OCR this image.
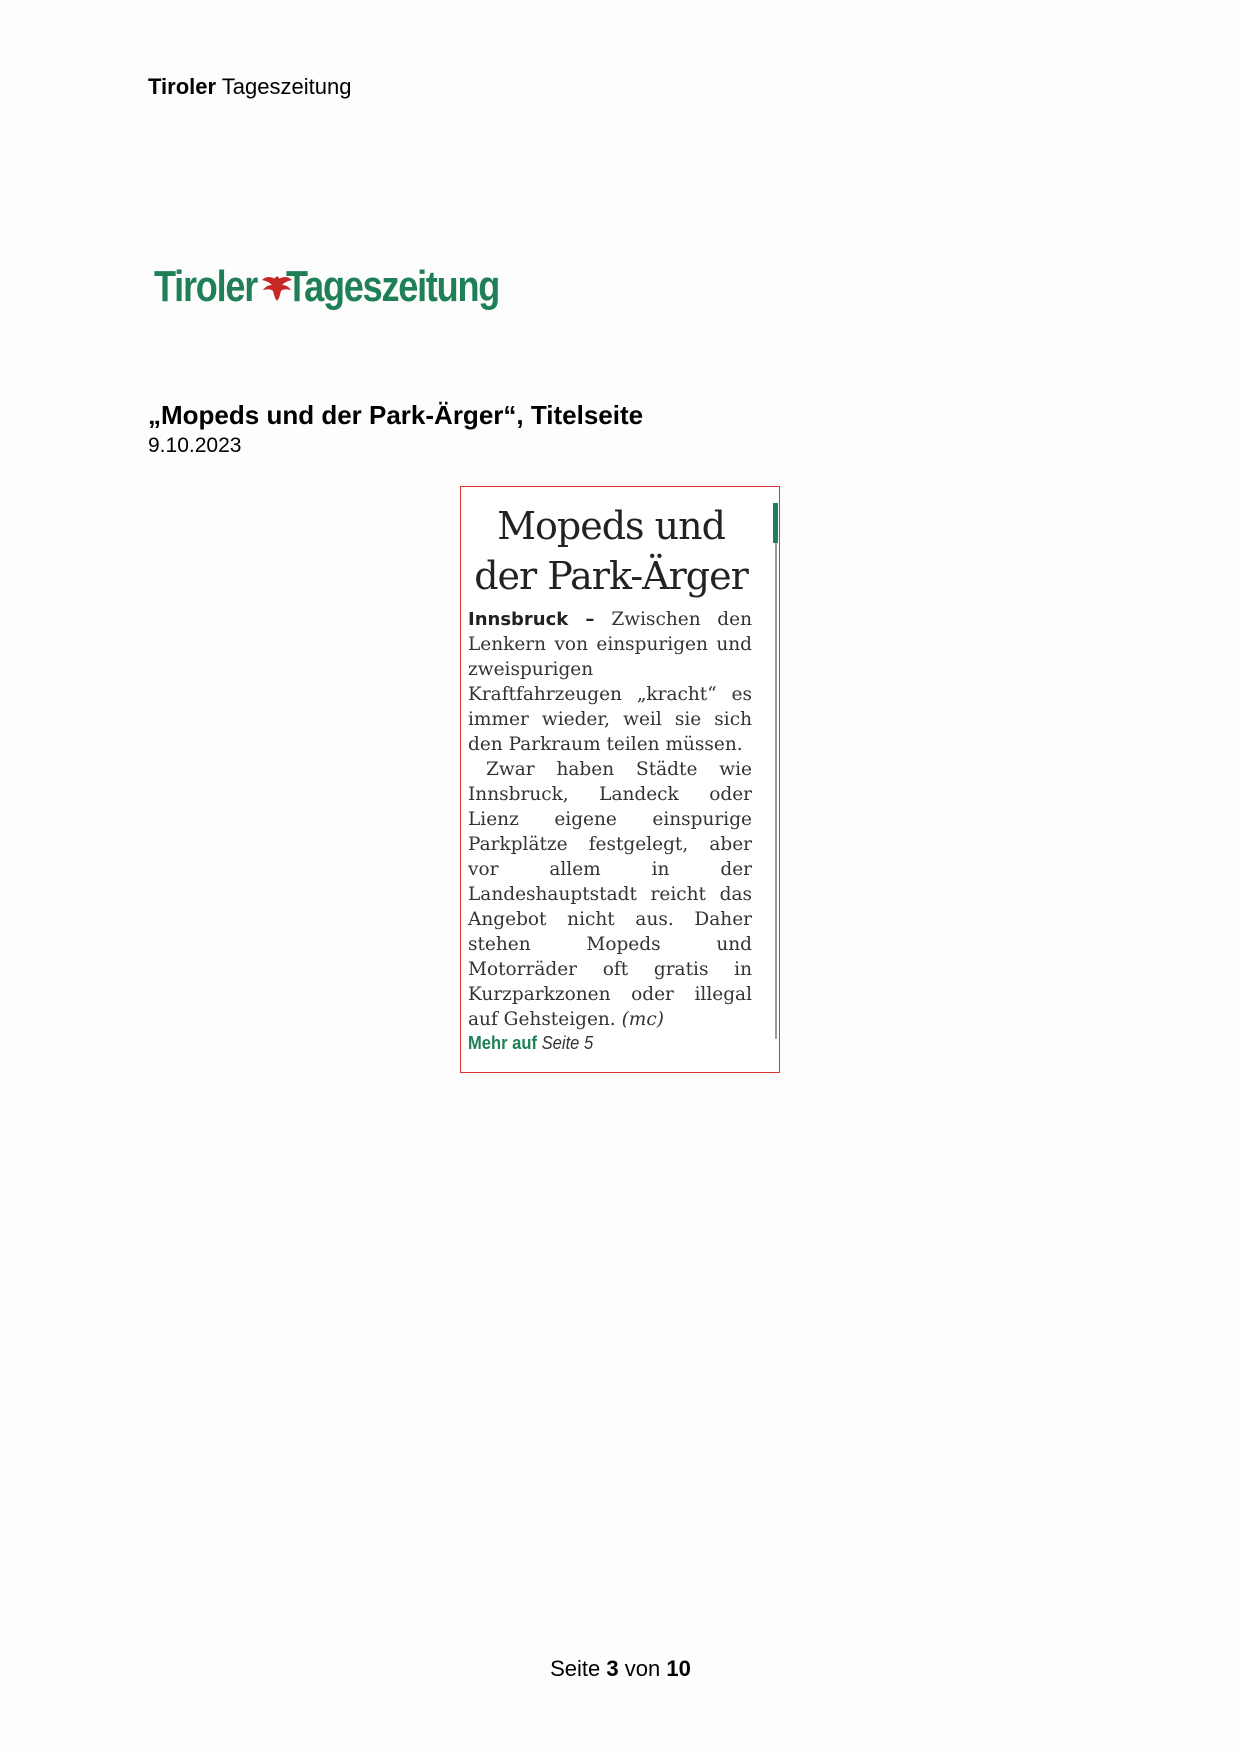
Tiroler Tageszeitung
Tiroler Tageszeitung
„Mopeds und der Park-Ärger“, Titelseite
9.10.2023
Mopeds und
der Park-Ärger

Innsbruck – Zwischen den Lenkern von einspurigen und zweispurigen Kraftfahrzeugen „kracht“ es immer wieder, weil sie sich den Parkraum teilen müssen.

Zwar haben Städte wie Innsbruck, Landeck oder Lienz eigene einspurige Parkplätze festgelegt, aber vor allem in der Landeshauptstadt reicht das Angebot nicht aus. Daher stehen Mopeds und Motorräder oft gratis in Kurzparkzonen oder illegal auf Gehsteigen. (mc)

Mehr auf Seite 5
Seite 3 von 10
